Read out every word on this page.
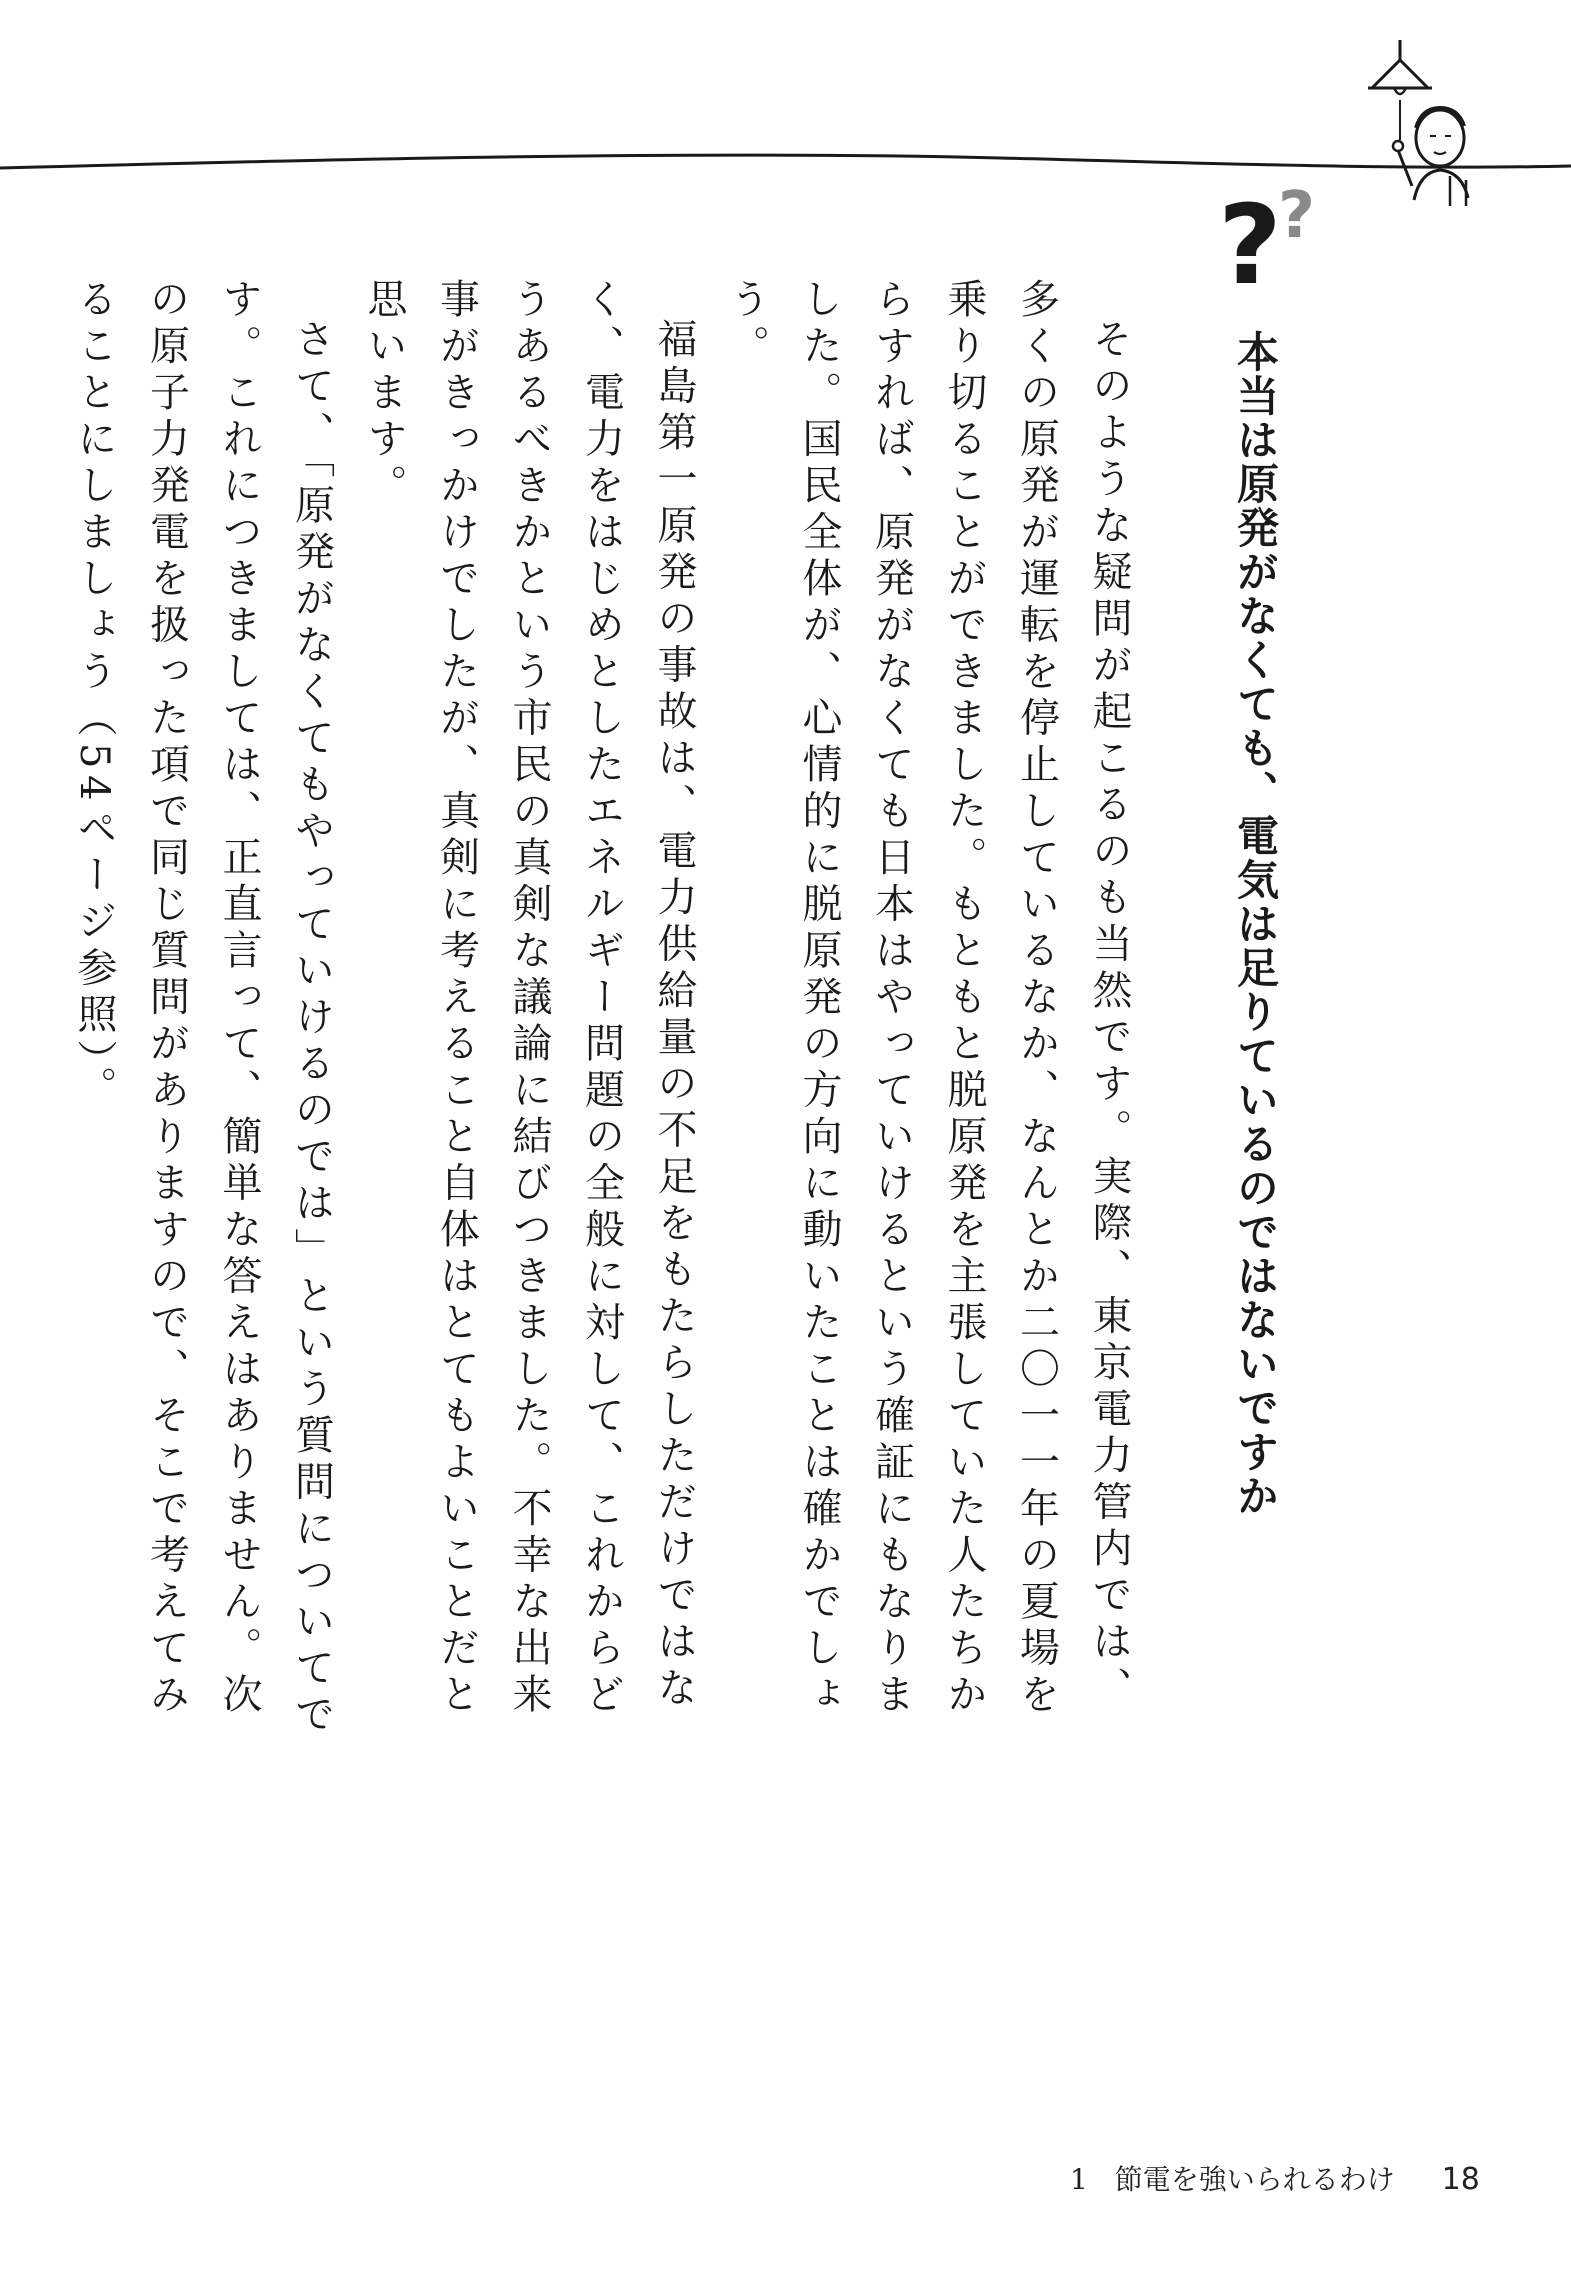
?
?
本当は原発がなくても、電気は足りているのではないですか

そのような疑問が起こるのも当然です。実際、東京電力管内では、多くの原発が運転を停止しているなか、なんとか二〇一一年の夏場を乗り切ることができました。もともと脱原発を主張していた人たちからすれば、原発がなくても日本はやっていけるという確証にもなりました。国民全体が、心情的に脱原発の方向に動いたことは確かでしょう。

福島第一原発の事故は、電力供給量の不足をもたらしただけではなく、電力をはじめとしたエネルギー問題の全般に対して、これからどうあるべきかという市民の真剣な議論に結びつきました。不幸な出来事がきっかけでしたが、真剣に考えること自体はとてもよいことだと思います。

さて、「原発がなくてもやっていけるのでは」という質問についてです。これにつきましては、正直言って、簡単な答えはありません。次の原子力発電を扱った項で同じ質問がありますので、そこで考えてみることにしましょう（54ページ参照）。

1 節電を強いられるわけ 18
